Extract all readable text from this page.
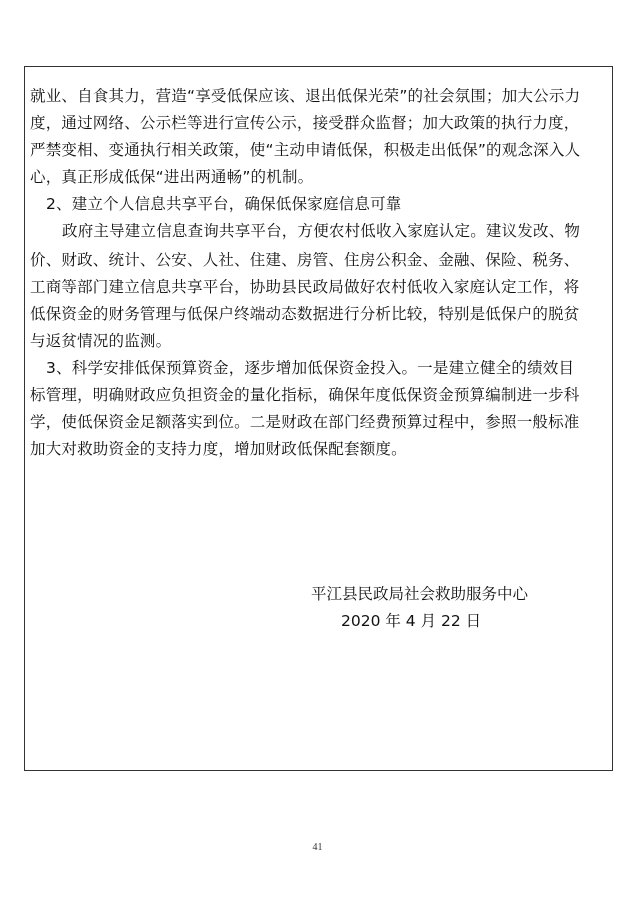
就业、自食其力，营造“享受低保应该、退出低保光荣”的社会氛围；加大公示力
度，通过网络、公示栏等进行宣传公示，接受群众监督；加大政策的执行力度，
严禁变相、变通执行相关政策，使“主动申请低保，积极走出低保”的观念深入人
心，真正形成低保“进出两通畅”的机制。
2、建立个人信息共享平台，确保低保家庭信息可靠
政府主导建立信息查询共享平台，方便农村低收入家庭认定。建议发改、物
价、财政、统计、公安、人社、住建、房管、住房公积金、金融、保险、税务、
工商等部门建立信息共享平台，协助县民政局做好农村低收入家庭认定工作，将
低保资金的财务管理与低保户终端动态数据进行分析比较，特别是低保户的脱贫
与返贫情况的监测。
3、科学安排低保预算资金，逐步增加低保资金投入。一是建立健全的绩效目
标管理，明确财政应负担资金的量化指标，确保年度低保资金预算编制进一步科
学，使低保资金足额落实到位。二是财政在部门经费预算过程中，参照一般标准
加大对救助资金的支持力度，增加财政低保配套额度。
平江县民政局社会救助服务中心
2020 年 4 月 22 日
41
